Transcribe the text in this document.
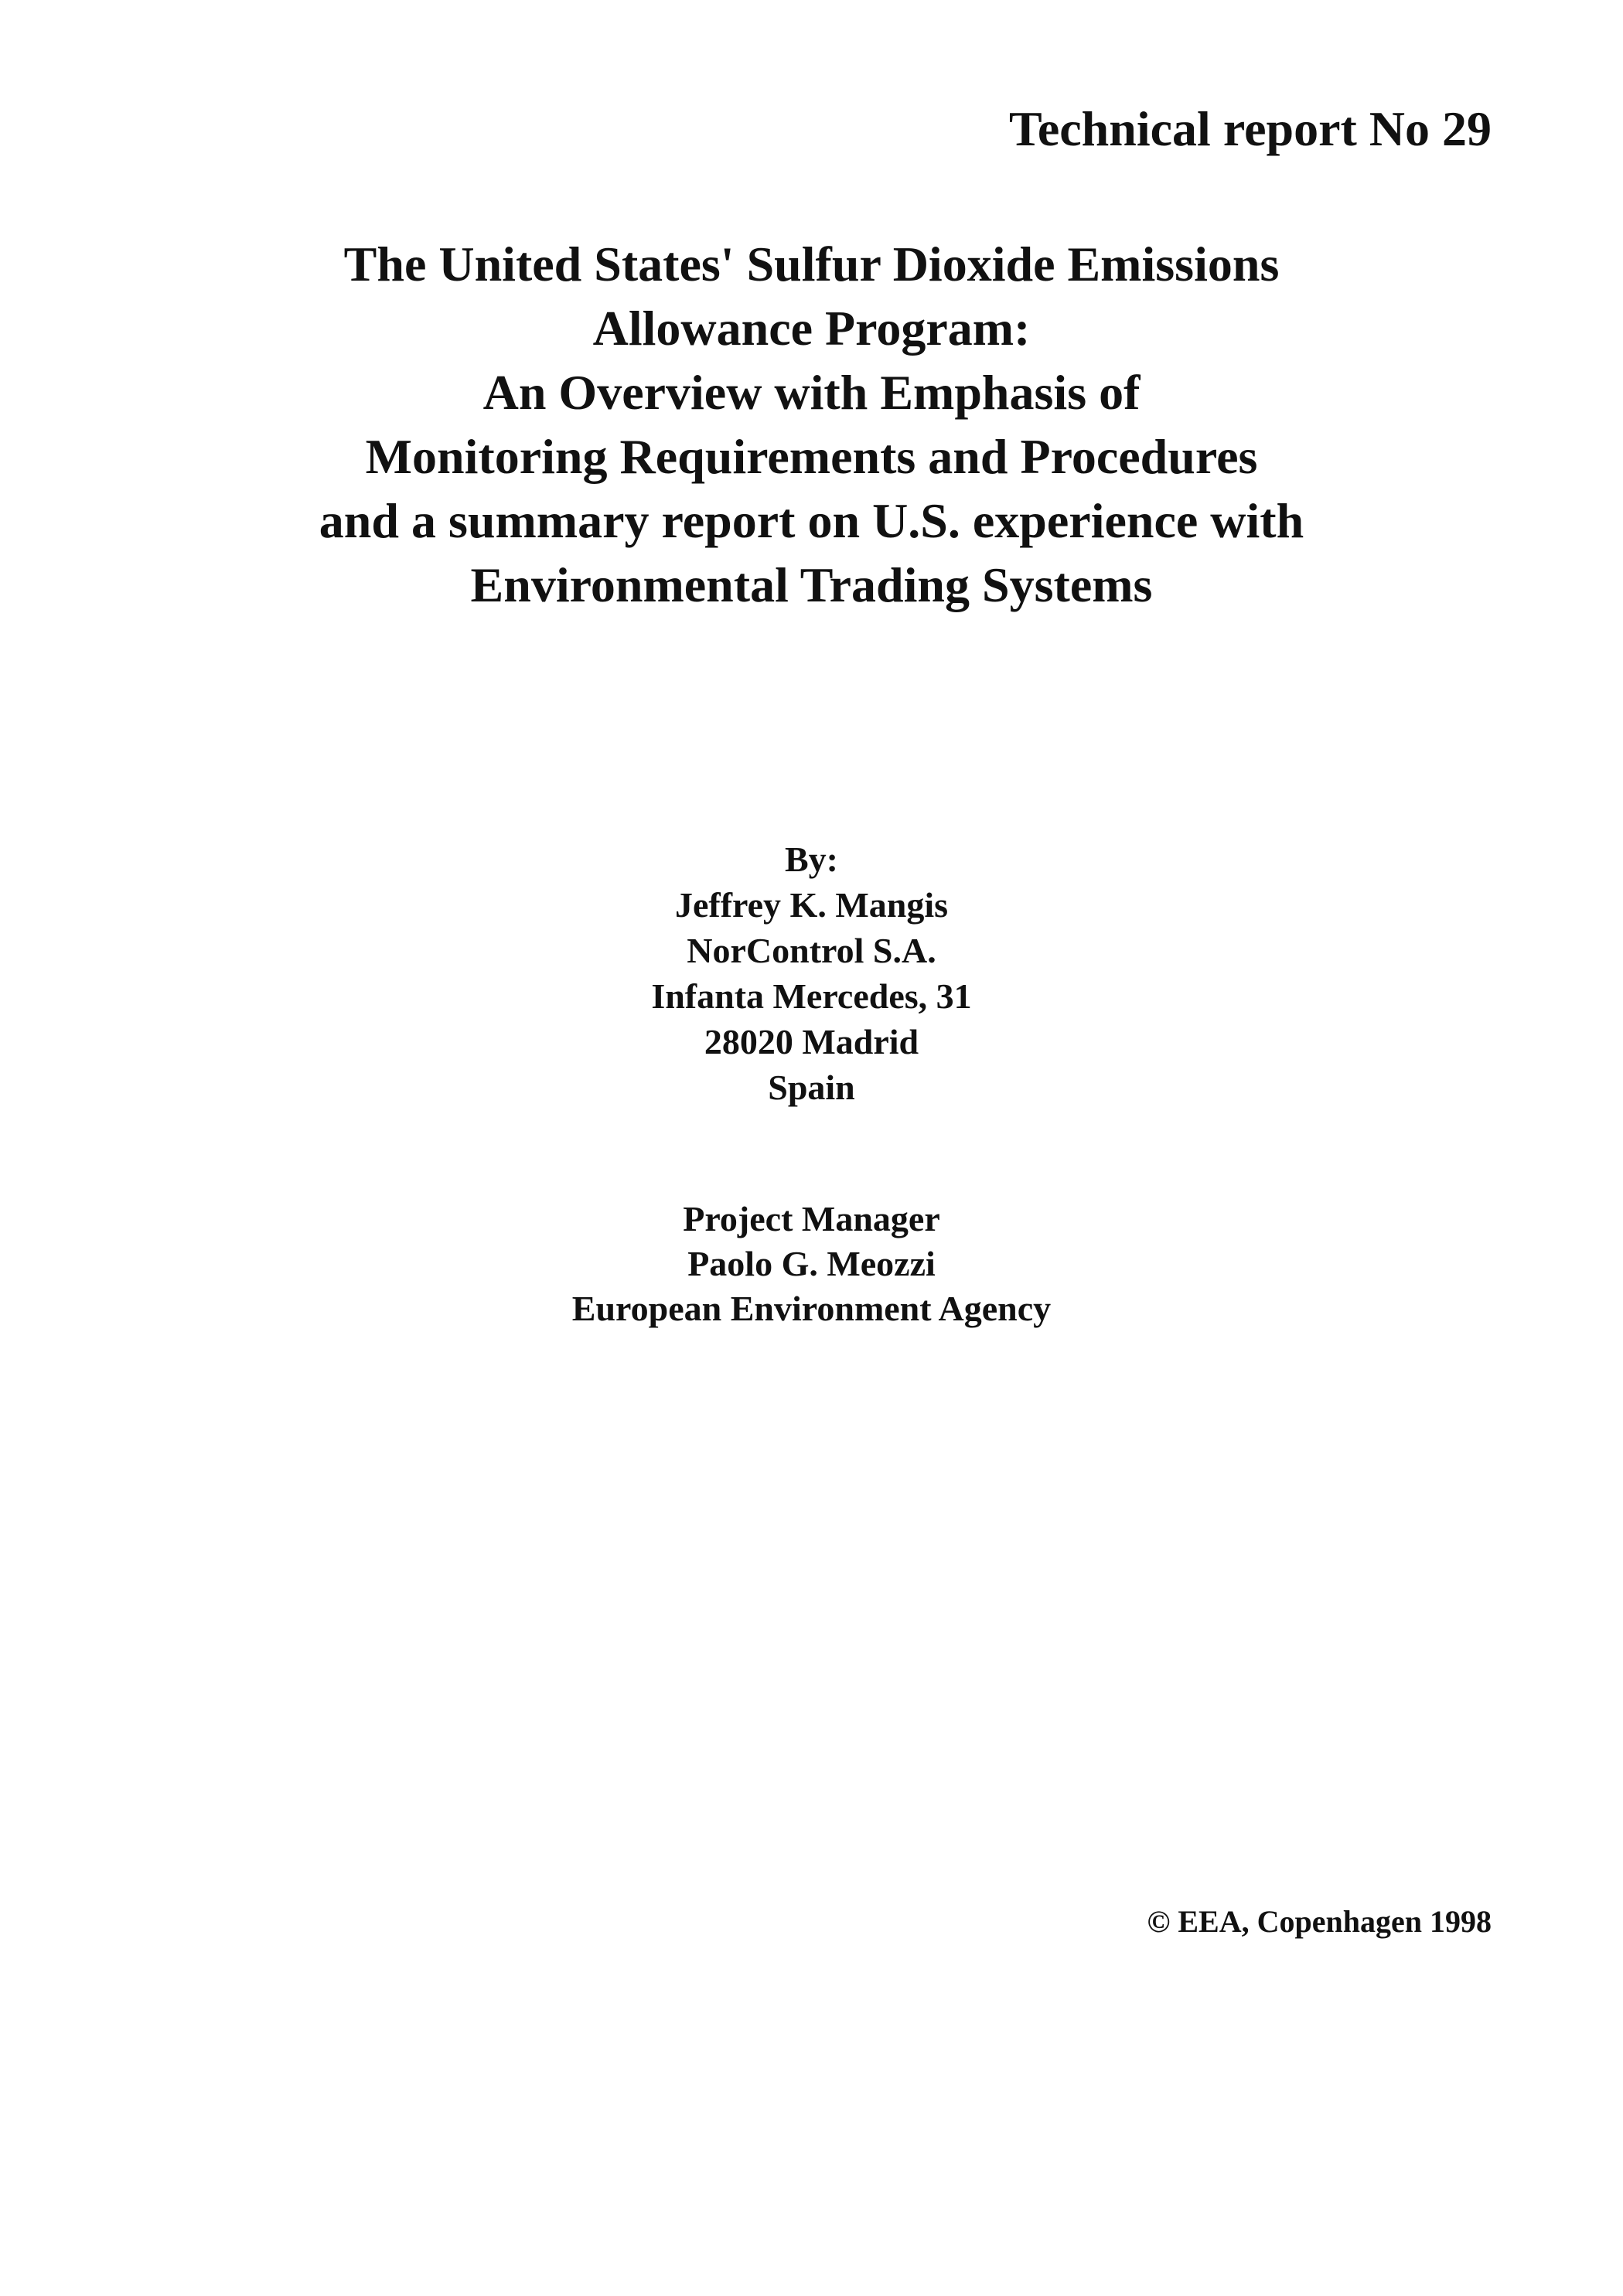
Technical report No 29
The United States' Sulfur Dioxide Emissions
Allowance Program:
An Overview with Emphasis of
Monitoring Requirements and Procedures
and a summary report on U.S. experience with
Environmental Trading Systems
By:
Jeffrey K. Mangis
NorControl S.A.
Infanta Mercedes, 31
28020 Madrid
Spain
Project Manager
Paolo G. Meozzi
European Environment Agency
© EEA, Copenhagen 1998
